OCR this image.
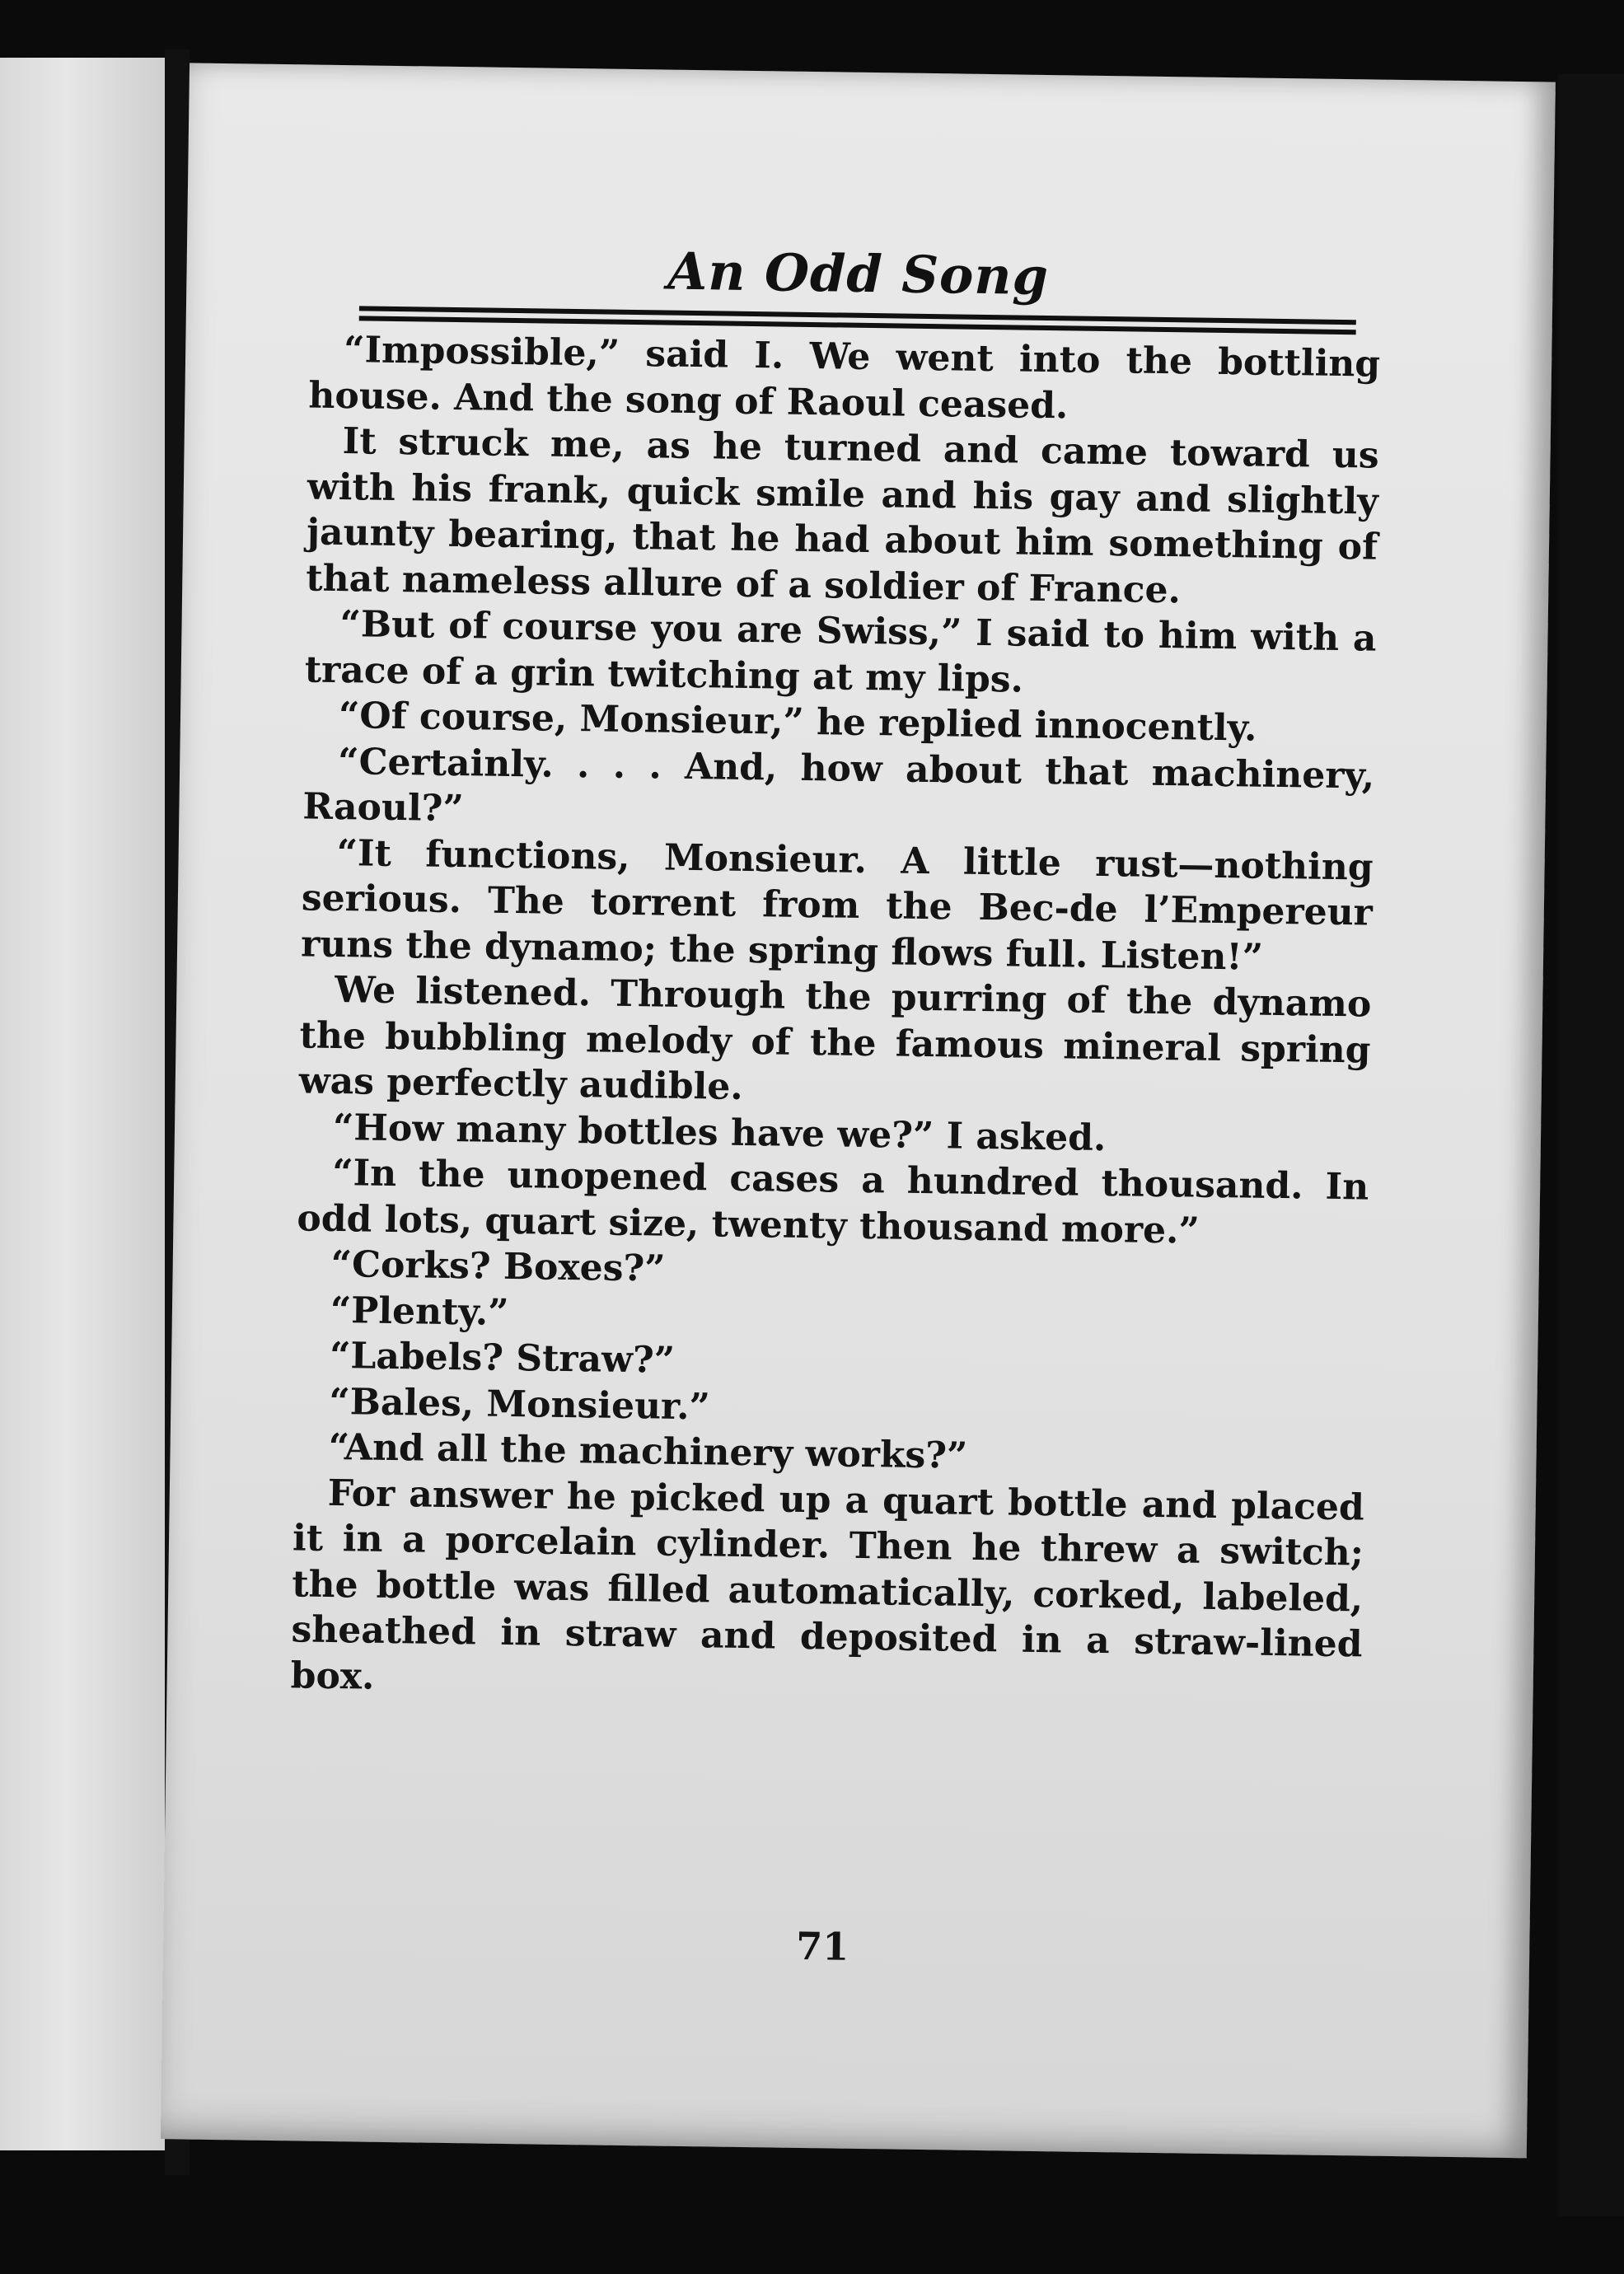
An Odd Song

“Impossible,” said I. We went into the bottling house. And the song of Raoul ceased.

It struck me, as he turned and came toward us with his frank, quick smile and his gay and slightly jaunty bearing, that he had about him something of that nameless allure of a soldier of France.

“But of course you are Swiss,” I said to him with a trace of a grin twitching at my lips.

“Of course, Monsieur,” he replied innocently.

“Certainly. . . . And, how about that machinery, Raoul?”

“It functions, Monsieur. A little rust—nothing serious. The torrent from the Bec-de l’Empereur runs the dynamo; the spring flows full. Listen!”

We listened. Through the purring of the dynamo the bubbling melody of the famous mineral spring was perfectly audible.

“How many bottles have we?” I asked.

“In the unopened cases a hundred thousand. In odd lots, quart size, twenty thousand more.”

“Corks? Boxes?”

“Plenty.”

“Labels? Straw?”

“Bales, Monsieur.”

“And all the machinery works?”

For answer he picked up a quart bottle and placed it in a porcelain cylinder. Then he threw a switch; the bottle was filled automatically, corked, labeled, sheathed in straw and deposited in a straw-lined box.

71
